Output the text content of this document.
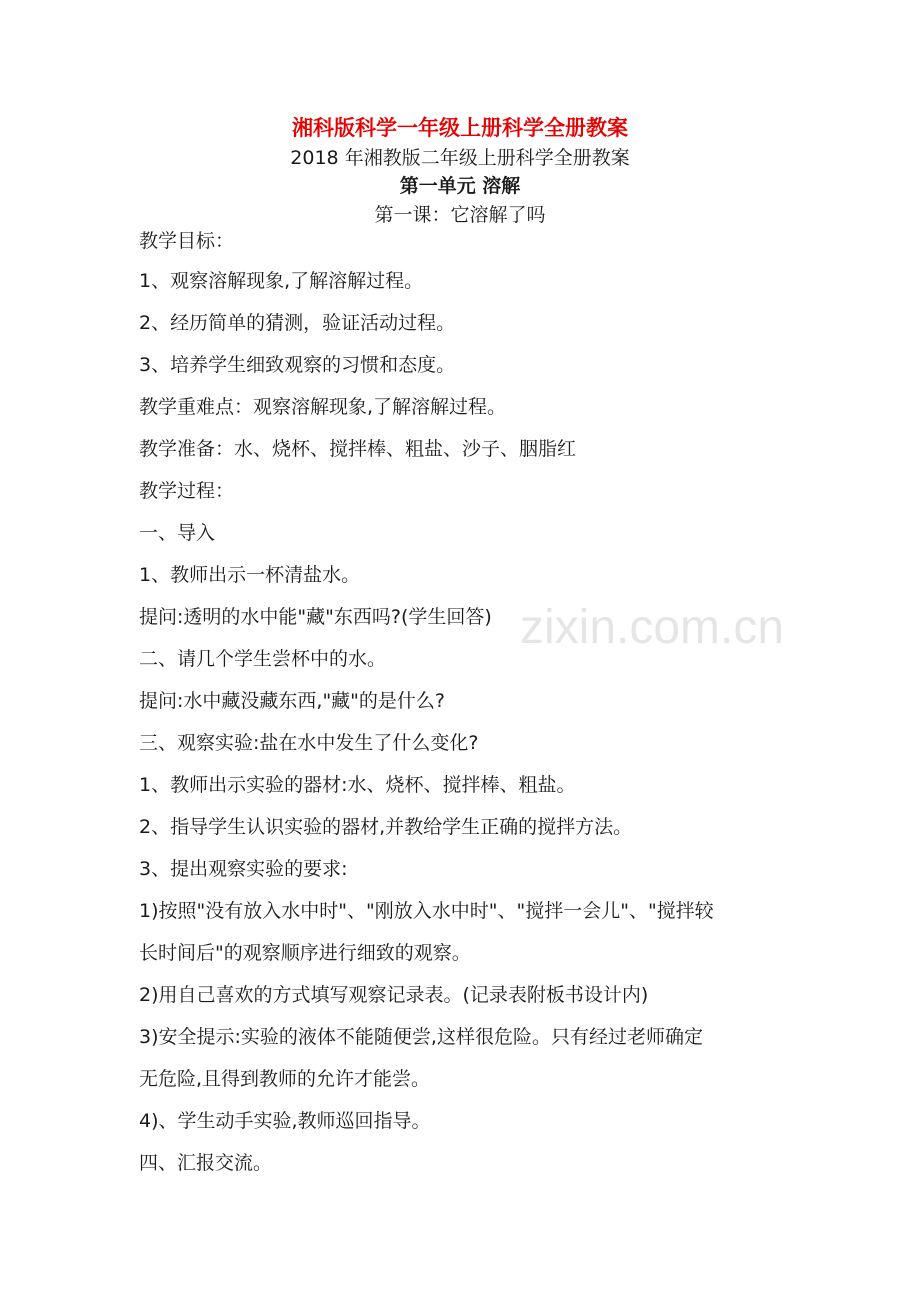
湘科版科学一年级上册科学全册教案
2018 年湘教版二年级上册科学全册教案
第一单元 溶解
第一课：它溶解了吗
教学目标：
1、观察溶解现象,了解溶解过程。
2、经历简单的猜测，验证活动过程。
3、培养学生细致观察的习惯和态度。
教学重难点：观察溶解现象,了解溶解过程。
教学准备：水、烧杯、搅拌棒、粗盐、沙子、胭脂红
教学过程：
一、导入
1、教师出示一杯清盐水。
提问:透明的水中能"藏"东西吗?(学生回答)
二、请几个学生尝杯中的水。
提问:水中藏没藏东西,"藏"的是什么?
三、观察实验:盐在水中发生了什么变化?
1、教师出示实验的器材:水、烧杯、搅拌棒、粗盐。
2、指导学生认识实验的器材,并教给学生正确的搅拌方法。
3、提出观察实验的要求:
1)按照"没有放入水中时"、"刚放入水中时"、"搅拌一会儿"、"搅拌较
长时间后"的观察顺序进行细致的观察。
2)用自己喜欢的方式填写观察记录表。(记录表附板书设计内)
3)安全提示:实验的液体不能随便尝,这样很危险。只有经过老师确定
无危险,且得到教师的允许才能尝。
4)、学生动手实验,教师巡回指导。
四、汇报交流。
zixin.com.cn
